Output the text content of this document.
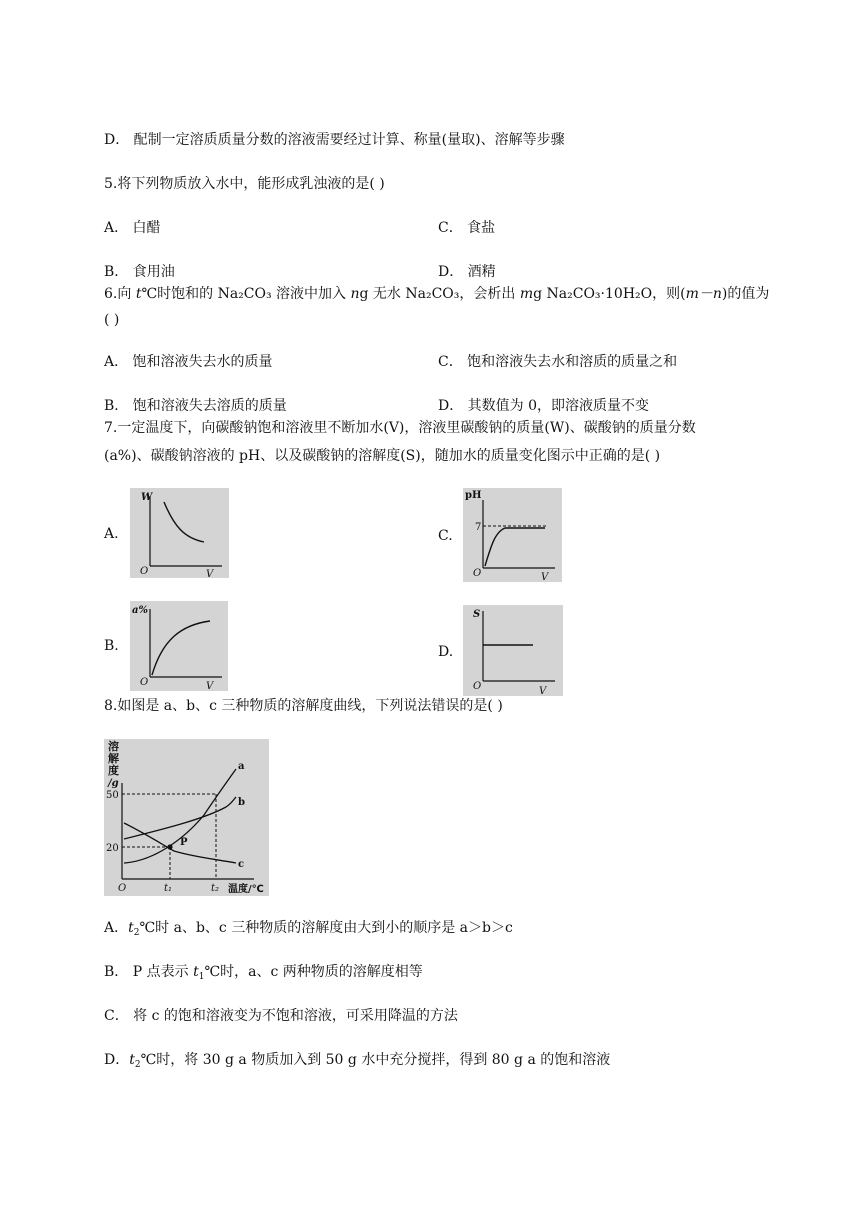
D． 配制一定溶质质量分数的溶液需要经过计算、称量(量取)、溶解等步骤
5.将下列物质放入水中，能形成乳浊液的是( )
A． 白醋	C． 食盐
B． 食用油	D． 酒精
6.向 t℃时饱和的 Na₂CO₃ 溶液中加入 ng 无水 Na₂CO₃，会析出 mg Na₂CO₃·10H₂O，则(m－n)的值为
( )
A． 饱和溶液失去水的质量	C． 饱和溶液失去水和溶质的质量之和
B． 饱和溶液失去溶质的质量	D． 其数值为 0，即溶液质量不变
7.一定温度下，向碳酸钠饱和溶液里不断加水(V)，溶液里碳酸钠的质量(W)、碳酸钠的质量分数
(a%)、碳酸钠溶液的 pH、以及碳酸钠的溶解度(S)，随加水的质量变化图示中正确的是( )
A.
W
O	V
C.
pH
7
O	V
B.
a%
O	V
D.
S
O	V
8.如图是 a、b、c 三种物质的溶解度曲线，下列说法错误的是( )
溶
解
度
/g
50
20
O	t₁	t₂ 温度/℃
a
b
c
P
A．$t_2℃$时 a、b、c 三种物质的溶解度由大到小的顺序是 a＞b＞c
B． P 点表示 $t_1℃$时，a、c 两种物质的溶解度相等
C． 将 c 的饱和溶液变为不饱和溶液，可采用降温的方法
D．$t_2℃$时，将 30 g a 物质加入到 50 g 水中充分搅拌，得到 80 g a 的饱和溶液
